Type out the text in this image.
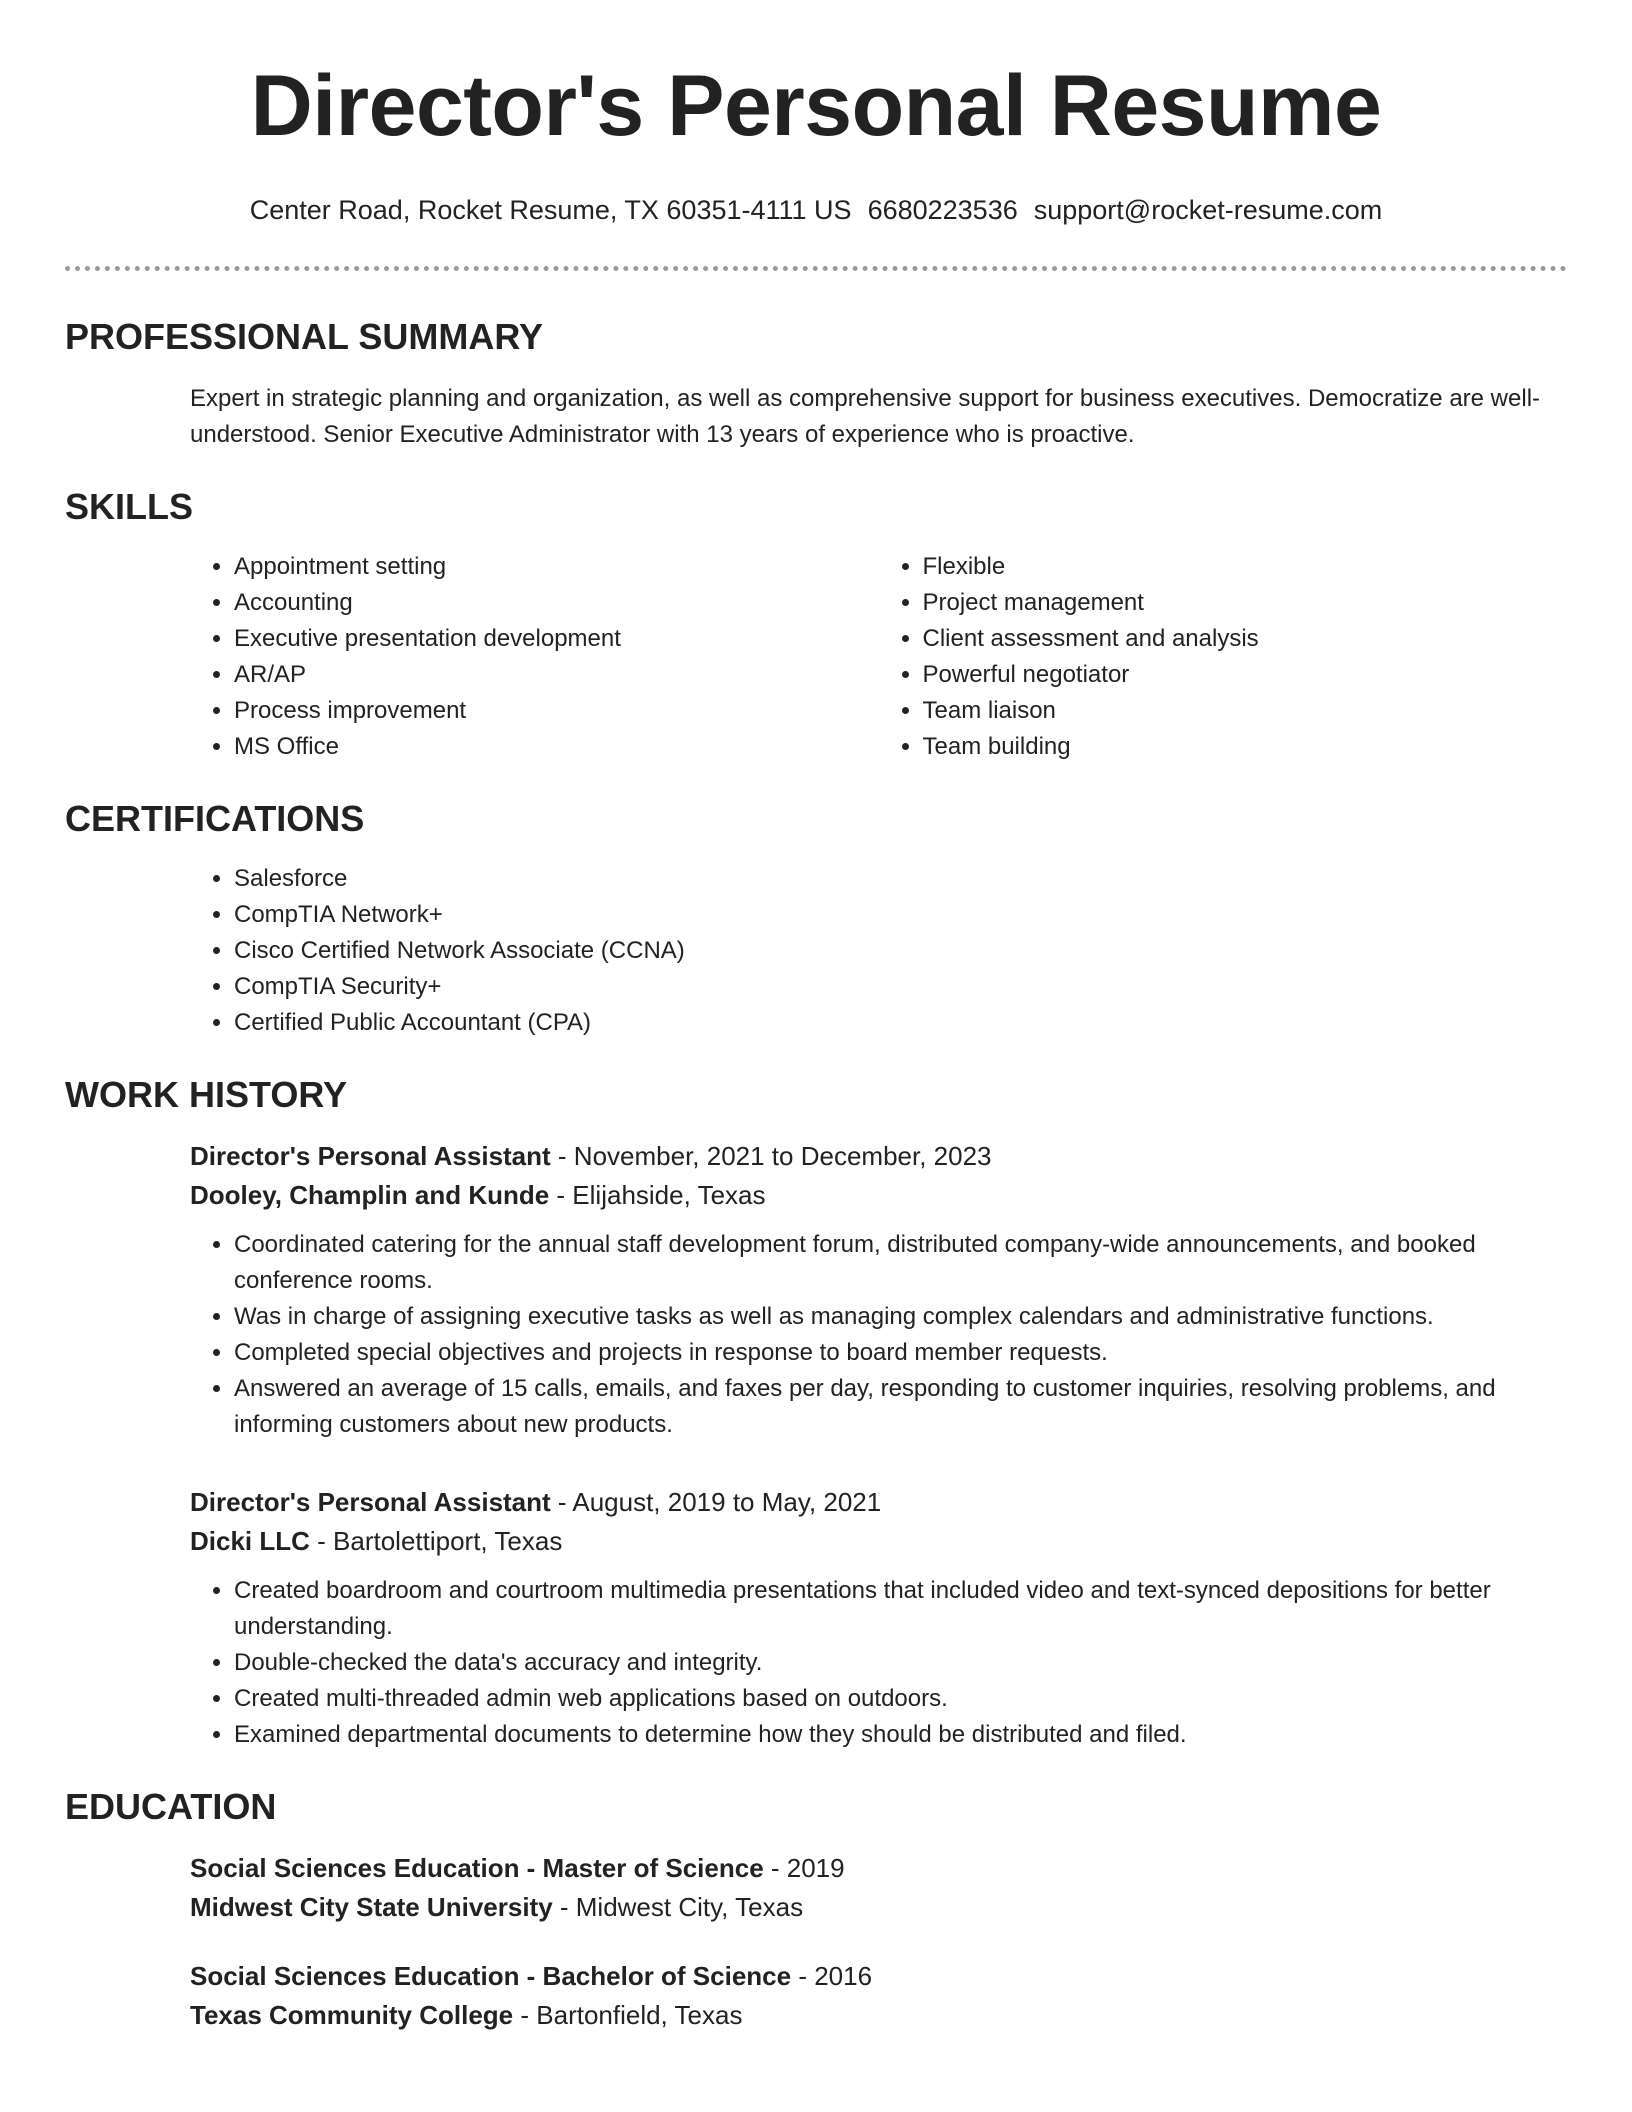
Director's Personal Resume
Center Road, Rocket Resume, TX 60351-4111 US 6680223536 support@rocket-resume.com
PROFESSIONAL SUMMARY
Expert in strategic planning and organization, as well as comprehensive support for business executives. Democratize are well-understood. Senior Executive Administrator with 13 years of experience who is proactive.
SKILLS
• Appointment setting
• Accounting
• Executive presentation development
• AR/AP
• Process improvement
• MS Office
• Flexible
• Project management
• Client assessment and analysis
• Powerful negotiator
• Team liaison
• Team building
CERTIFICATIONS
• Salesforce
• CompTIA Network+
• Cisco Certified Network Associate (CCNA)
• CompTIA Security+
• Certified Public Accountant (CPA)
WORK HISTORY
Director's Personal Assistant - November, 2021 to December, 2023
Dooley, Champlin and Kunde - Elijahside, Texas
• Coordinated catering for the annual staff development forum, distributed company-wide announcements, and booked conference rooms.
• Was in charge of assigning executive tasks as well as managing complex calendars and administrative functions.
• Completed special objectives and projects in response to board member requests.
• Answered an average of 15 calls, emails, and faxes per day, responding to customer inquiries, resolving problems, and informing customers about new products.
Director's Personal Assistant - August, 2019 to May, 2021
Dicki LLC - Bartolettiport, Texas
• Created boardroom and courtroom multimedia presentations that included video and text-synced depositions for better understanding.
• Double-checked the data's accuracy and integrity.
• Created multi-threaded admin web applications based on outdoors.
• Examined departmental documents to determine how they should be distributed and filed.
EDUCATION
Social Sciences Education - Master of Science - 2019
Midwest City State University - Midwest City, Texas
Social Sciences Education - Bachelor of Science - 2016
Texas Community College - Bartonfield, Texas
